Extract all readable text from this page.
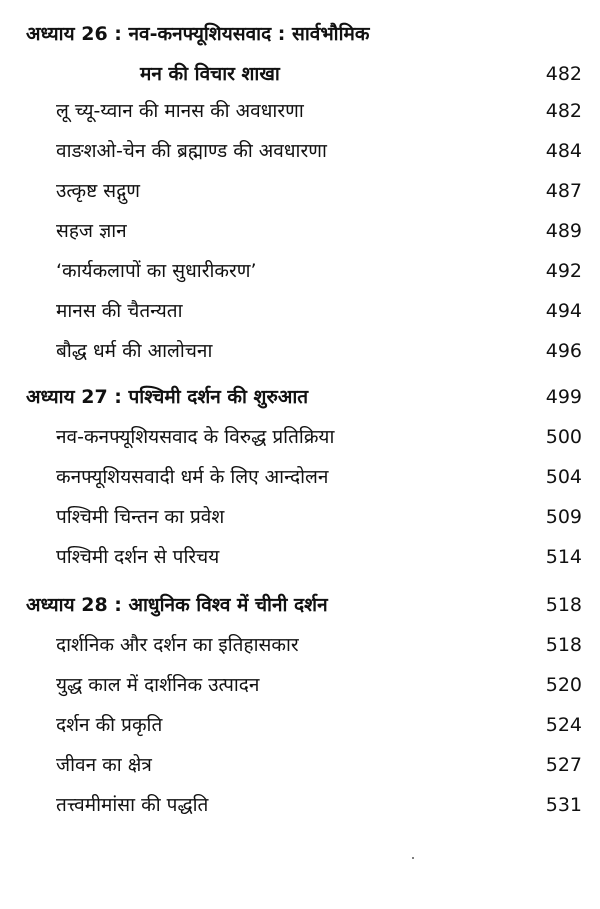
अध्याय 26 : नव-कनफ्यूशियसवाद : सार्वभौमिक
मन की विचार शाखा	482
लू च्यू-य्वान की मानस की अवधारणा	482
वाङशओ-चेन की ब्रह्माण्ड की अवधारणा	484
उत्कृष्ट सद्गुण	487
सहज ज्ञान	489
‘कार्यकलापों का सुधारीकरण’	492
मानस की चैतन्यता	494
बौद्ध धर्म की आलोचना	496
अध्याय 27 : पश्चिमी दर्शन की शुरुआत	499
नव-कनफ्यूशियसवाद के विरुद्ध प्रतिक्रिया	500
कनफ्यूशियसवादी धर्म के लिए आन्दोलन	504
पश्चिमी चिन्तन का प्रवेश	509
पश्चिमी दर्शन से परिचय	514
अध्याय 28 : आधुनिक विश्व में चीनी दर्शन	518
दार्शनिक और दर्शन का इतिहासकार	518
युद्ध काल में दार्शनिक उत्पादन	520
दर्शन की प्रकृति	524
जीवन का क्षेत्र	527
तत्त्वमीमांसा की पद्धति	531
